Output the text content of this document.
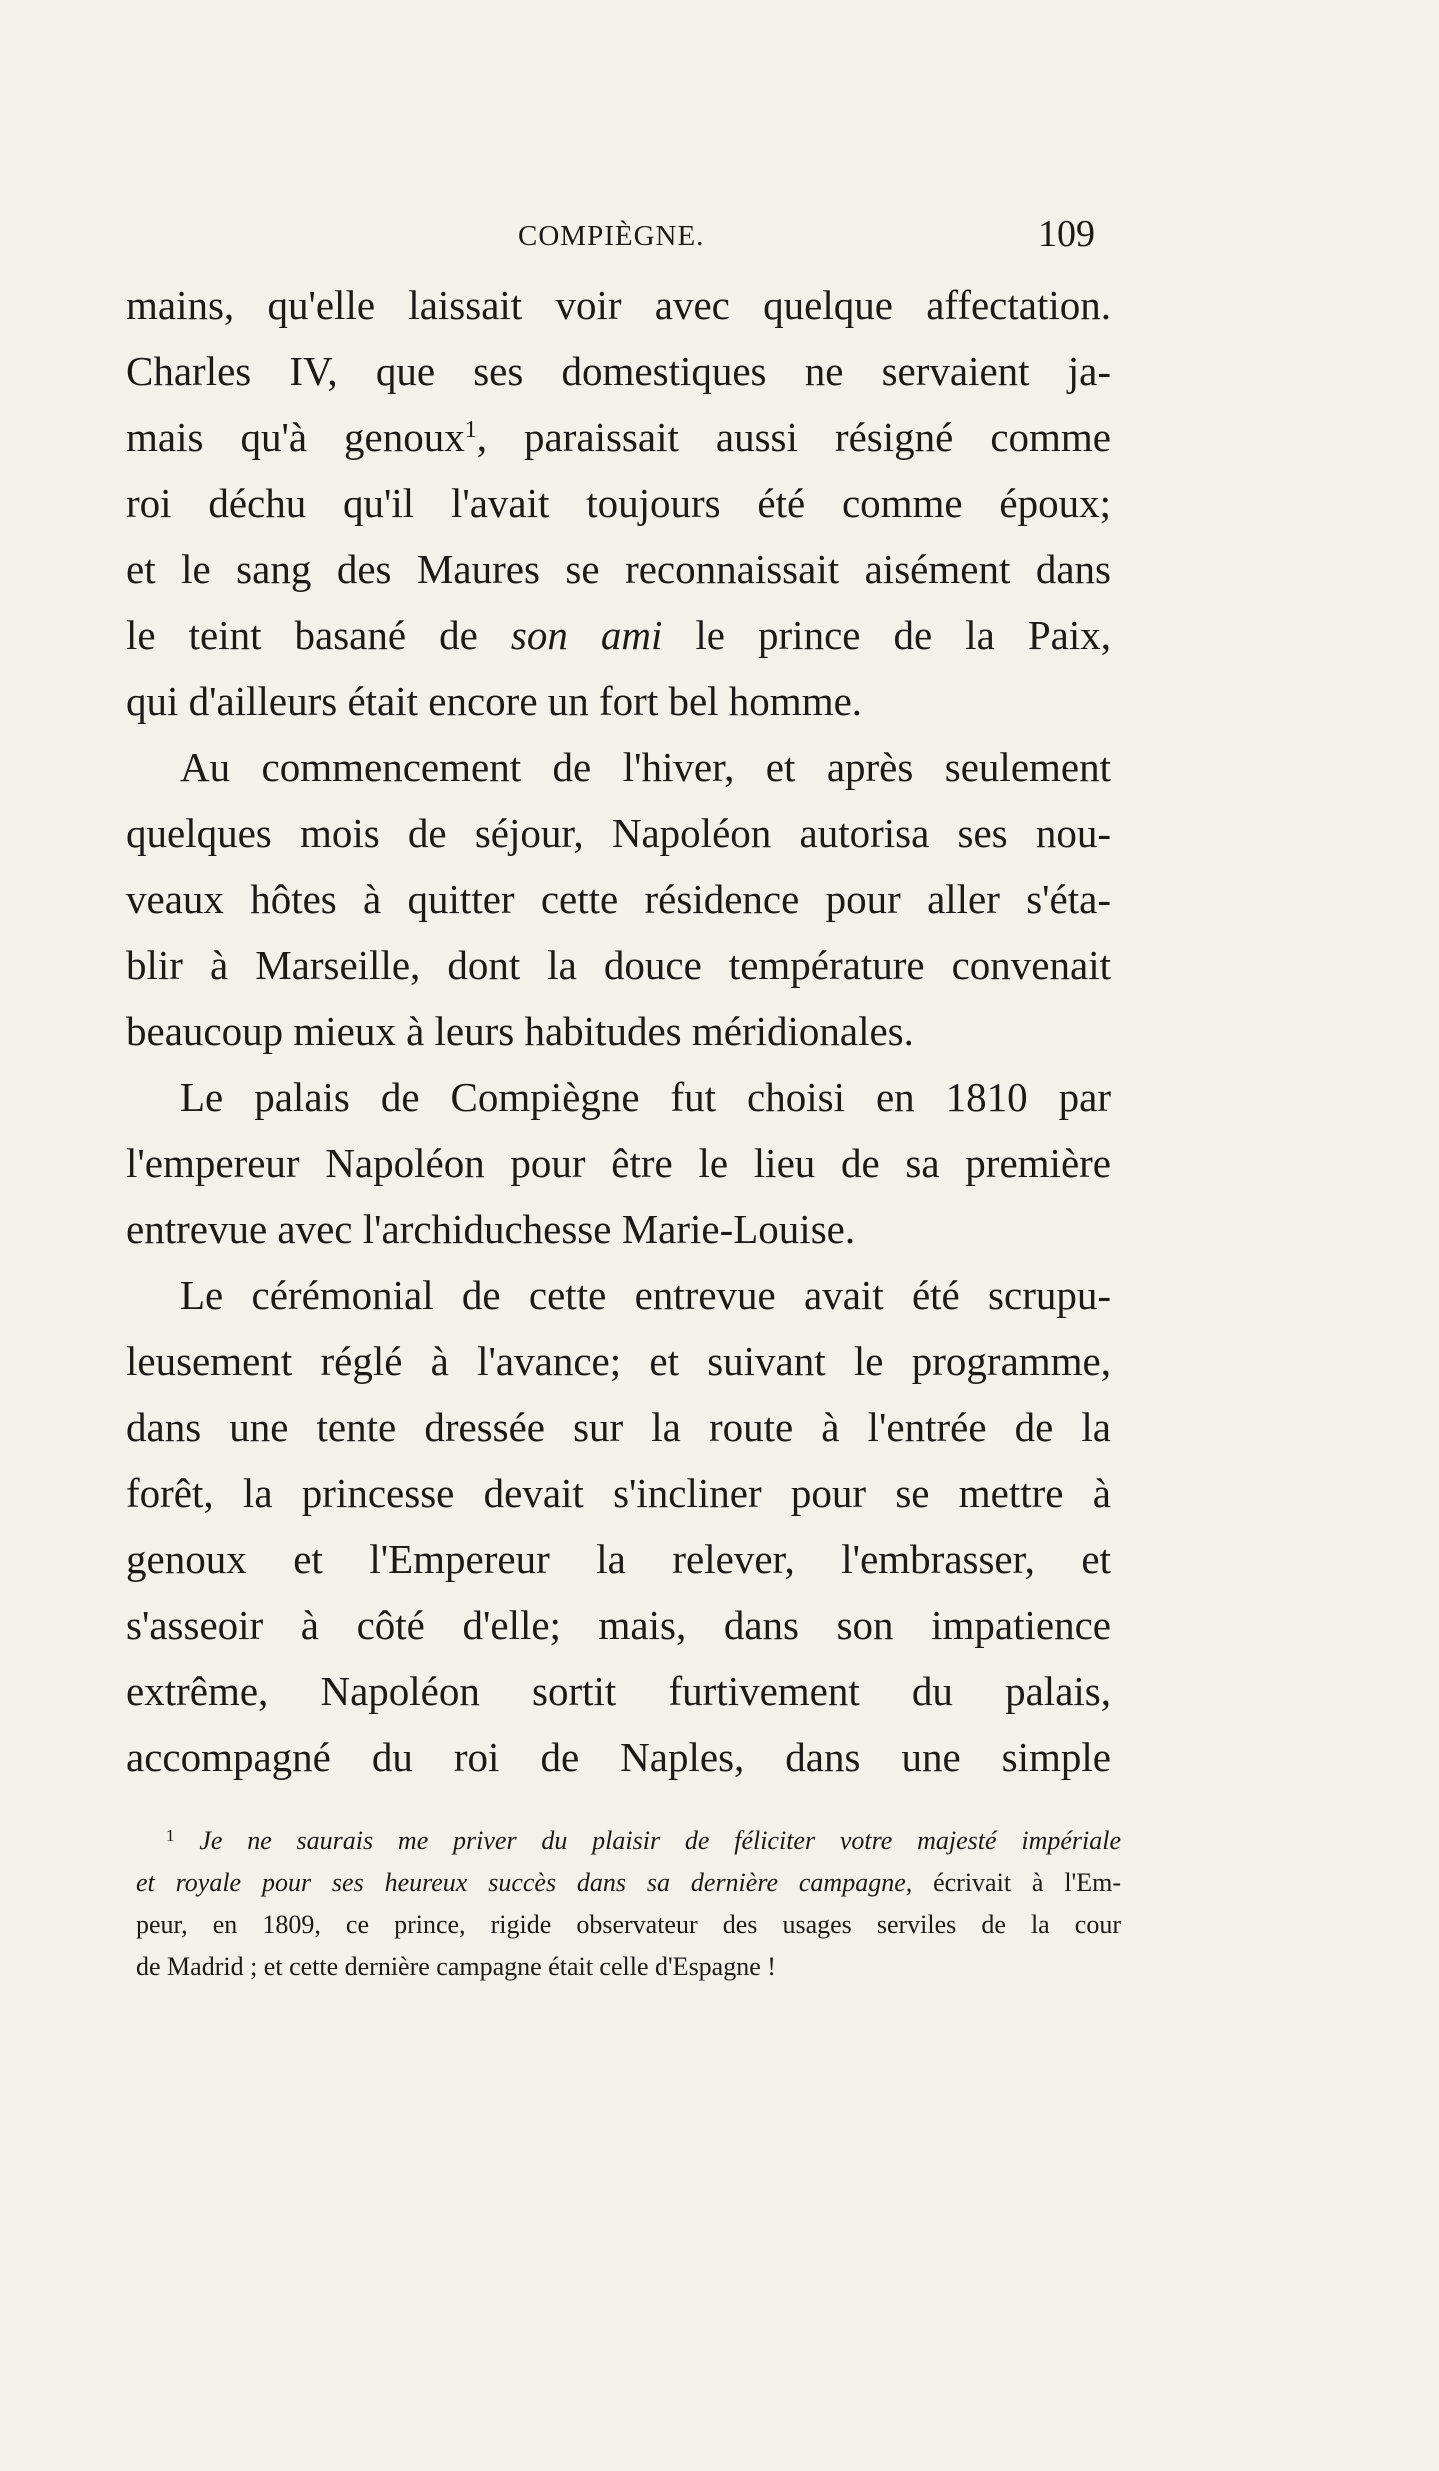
COMPIÈGNE.	109
mains, qu'elle laissait voir avec quelque affectation.
Charles IV, que ses domestiques ne servaient ja-
mais qu'à genoux$^1$, paraissait aussi résigné comme
roi déchu qu'il l'avait toujours été comme époux;
et le sang des Maures se reconnaissait aisément dans
le teint basané de son ami le prince de la Paix,
qui d'ailleurs était encore un fort bel homme.
Au commencement de l'hiver, et après seulement
quelques mois de séjour, Napoléon autorisa ses nou-
veaux hôtes à quitter cette résidence pour aller s'éta-
blir à Marseille, dont la douce température convenait
beaucoup mieux à leurs habitudes méridionales.
Le palais de Compiègne fut choisi en 1810 par
l'empereur Napoléon pour être le lieu de sa première
entrevue avec l'archiduchesse Marie-Louise.
Le cérémonial de cette entrevue avait été scrupu-
leusement réglé à l'avance; et suivant le programme,
dans une tente dressée sur la route à l'entrée de la
forêt, la princesse devait s'incliner pour se mettre à
genoux et l'Empereur la relever, l'embrasser, et
s'asseoir à côté d'elle; mais, dans son impatience
extrême, Napoléon sortit furtivement du palais,
accompagné du roi de Naples, dans une simple
$^1$ Je ne saurais me priver du plaisir de féliciter votre majesté impériale
et royale pour ses heureux succès dans sa dernière campagne, écrivait à l'Em-
peur, en 1809, ce prince, rigide observateur des usages serviles de la cour
de Madrid ; et cette dernière campagne était celle d'Espagne !
